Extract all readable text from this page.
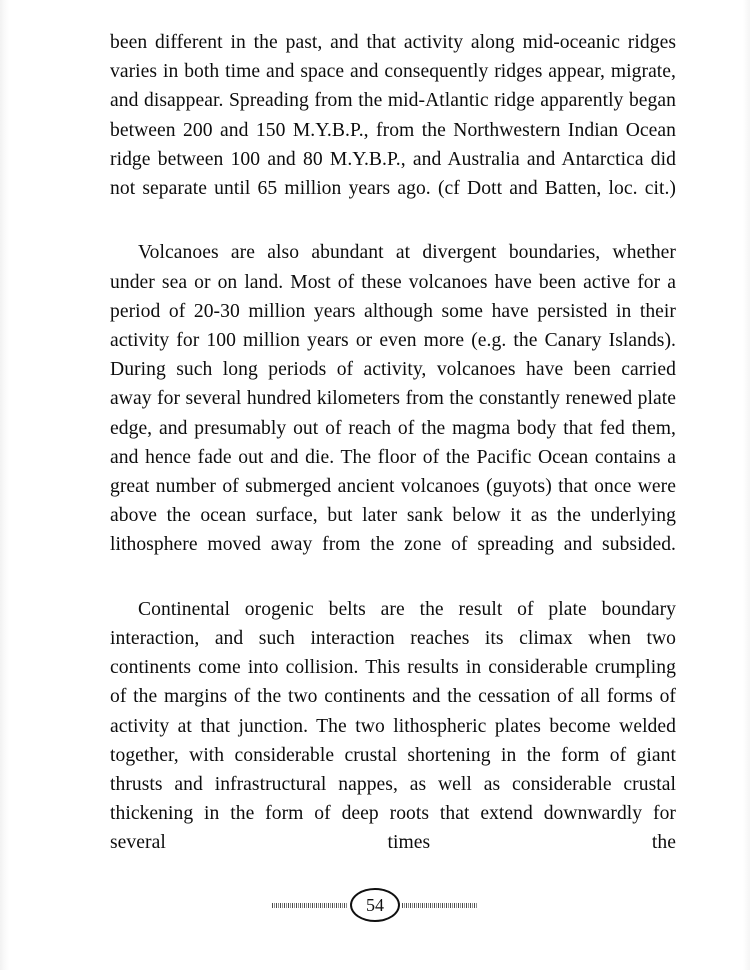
been different in the past, and that activity along mid-oceanic ridges varies in both time and space and consequently ridges appear, migrate, and disappear. Spreading from the mid-Atlantic ridge apparently began between 200 and 150 M.Y.B.P., from the Northwestern Indian Ocean ridge between 100 and 80 M.Y.B.P., and Australia and Antarctica did not separate until 65 million years ago. (cf Dott and Batten, loc. cit.)

Volcanoes are also abundant at divergent boundaries, whether under sea or on land. Most of these volcanoes have been active for a period of 20-30 million years although some have persisted in their activity for 100 million years or even more (e.g. the Canary Islands). During such long periods of activity, volcanoes have been carried away for several hundred kilometers from the constantly renewed plate edge, and presumably out of reach of the magma body that fed them, and hence fade out and die. The floor of the Pacific Ocean contains a great number of submerged ancient volcanoes (guyots) that once were above the ocean surface, but later sank below it as the underlying lithosphere moved away from the zone of spreading and subsided.

Continental orogenic belts are the result of plate boundary interaction, and such interaction reaches its climax when two continents come into collision. This results in considerable crumpling of the margins of the two continents and the cessation of all forms of activity at that junction. The two lithospheric plates become welded together, with considerable crustal shortening in the form of giant thrusts and infrastructural nappes, as well as considerable crustal thickening in the form of deep roots that extend downwardly for several times the

54
